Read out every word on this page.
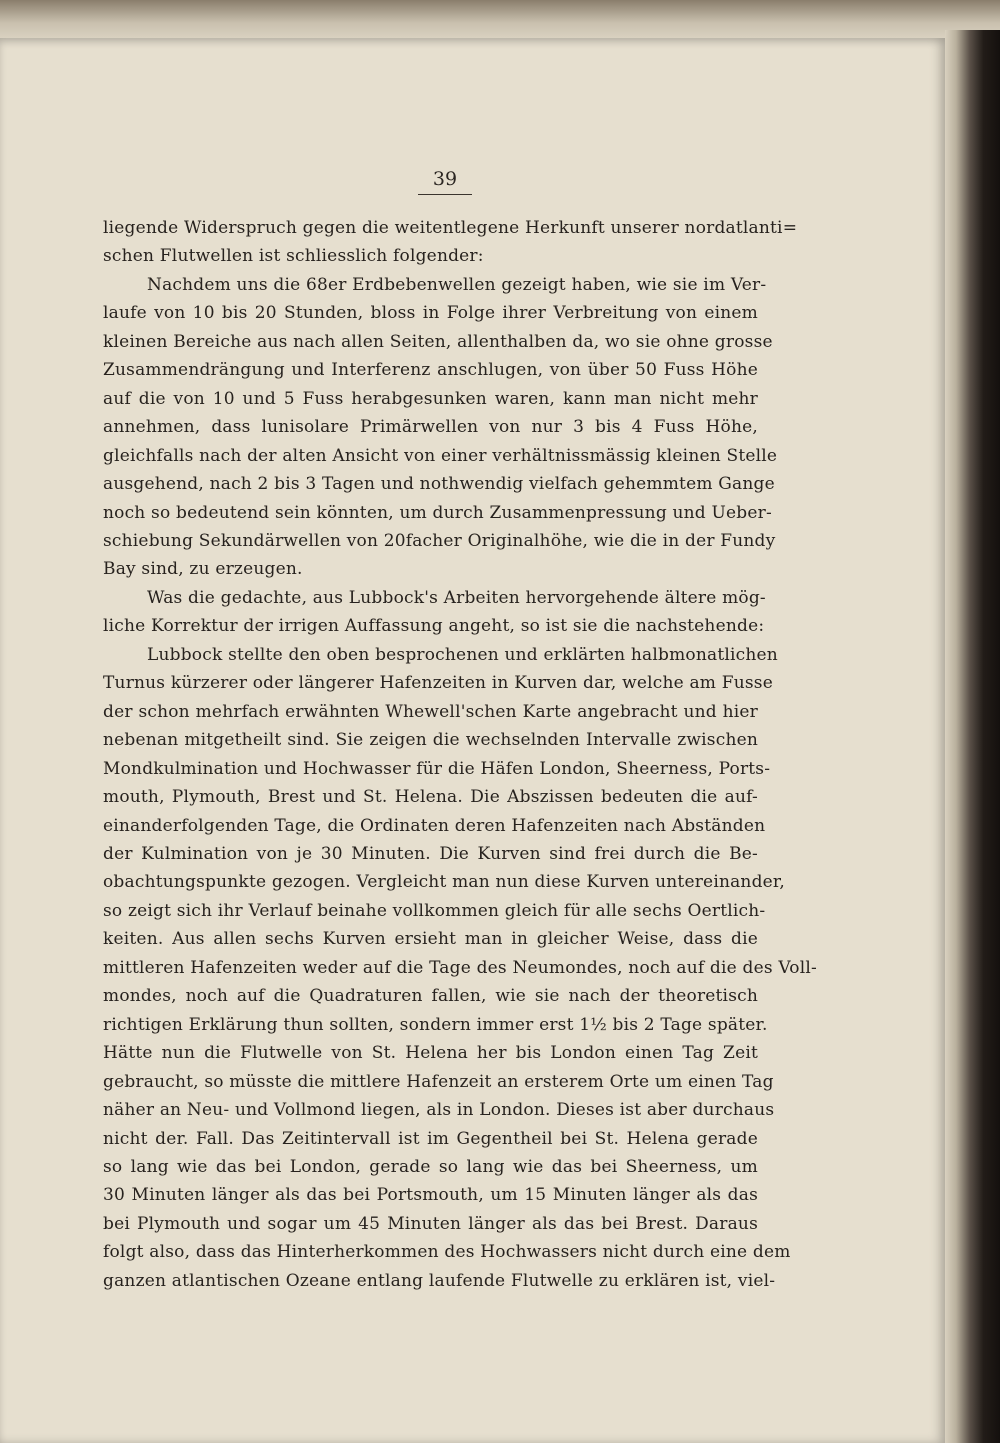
39
liegende Widerspruch gegen die weitentlegene Herkunft unserer nordatlanti=
schen Flutwellen ist schliesslich folgender:
Nachdem uns die 68er Erdbebenwellen gezeigt haben, wie sie im Ver-
laufe von 10 bis 20 Stunden, bloss in Folge ihrer Verbreitung von einem
kleinen Bereiche aus nach allen Seiten, allenthalben da, wo sie ohne grosse
Zusammendrängung und Interferenz anschlugen, von über 50 Fuss Höhe
auf die von 10 und 5 Fuss herabgesunken waren, kann man nicht mehr
annehmen, dass lunisolare Primärwellen von nur 3 bis 4 Fuss Höhe,
gleichfalls nach der alten Ansicht von einer verhältnissmässig kleinen Stelle
ausgehend, nach 2 bis 3 Tagen und nothwendig vielfach gehemmtem Gange
noch so bedeutend sein könnten, um durch Zusammenpressung und Ueber-
schiebung Sekundärwellen von 20facher Originalhöhe, wie die in der Fundy
Bay sind, zu erzeugen.
Was die gedachte, aus Lubbock's Arbeiten hervorgehende ältere mög-
liche Korrektur der irrigen Auffassung angeht, so ist sie die nachstehende:
Lubbock stellte den oben besprochenen und erklärten halbmonatlichen
Turnus kürzerer oder längerer Hafenzeiten in Kurven dar, welche am Fusse
der schon mehrfach erwähnten Whewell'schen Karte angebracht und hier
nebenan mitgetheilt sind. Sie zeigen die wechselnden Intervalle zwischen
Mondkulmination und Hochwasser für die Häfen London, Sheerness, Ports-
mouth, Plymouth, Brest und St. Helena. Die Abszissen bedeuten die auf-
einanderfolgenden Tage, die Ordinaten deren Hafenzeiten nach Abständen
der Kulmination von je 30 Minuten. Die Kurven sind frei durch die Be-
obachtungspunkte gezogen. Vergleicht man nun diese Kurven untereinander,
so zeigt sich ihr Verlauf beinahe vollkommen gleich für alle sechs Oertlich-
keiten. Aus allen sechs Kurven ersieht man in gleicher Weise, dass die
mittleren Hafenzeiten weder auf die Tage des Neumondes, noch auf die des Voll-
mondes, noch auf die Quadraturen fallen, wie sie nach der theoretisch
richtigen Erklärung thun sollten, sondern immer erst 1½ bis 2 Tage später.
Hätte nun die Flutwelle von St. Helena her bis London einen Tag Zeit
gebraucht, so müsste die mittlere Hafenzeit an ersterem Orte um einen Tag
näher an Neu- und Vollmond liegen, als in London. Dieses ist aber durchaus
nicht der. Fall. Das Zeitintervall ist im Gegentheil bei St. Helena gerade
so lang wie das bei London, gerade so lang wie das bei Sheerness, um
30 Minuten länger als das bei Portsmouth, um 15 Minuten länger als das
bei Plymouth und sogar um 45 Minuten länger als das bei Brest. Daraus
folgt also, dass das Hinterherkommen des Hochwassers nicht durch eine dem
ganzen atlantischen Ozeane entlang laufende Flutwelle zu erklären ist, viel-
